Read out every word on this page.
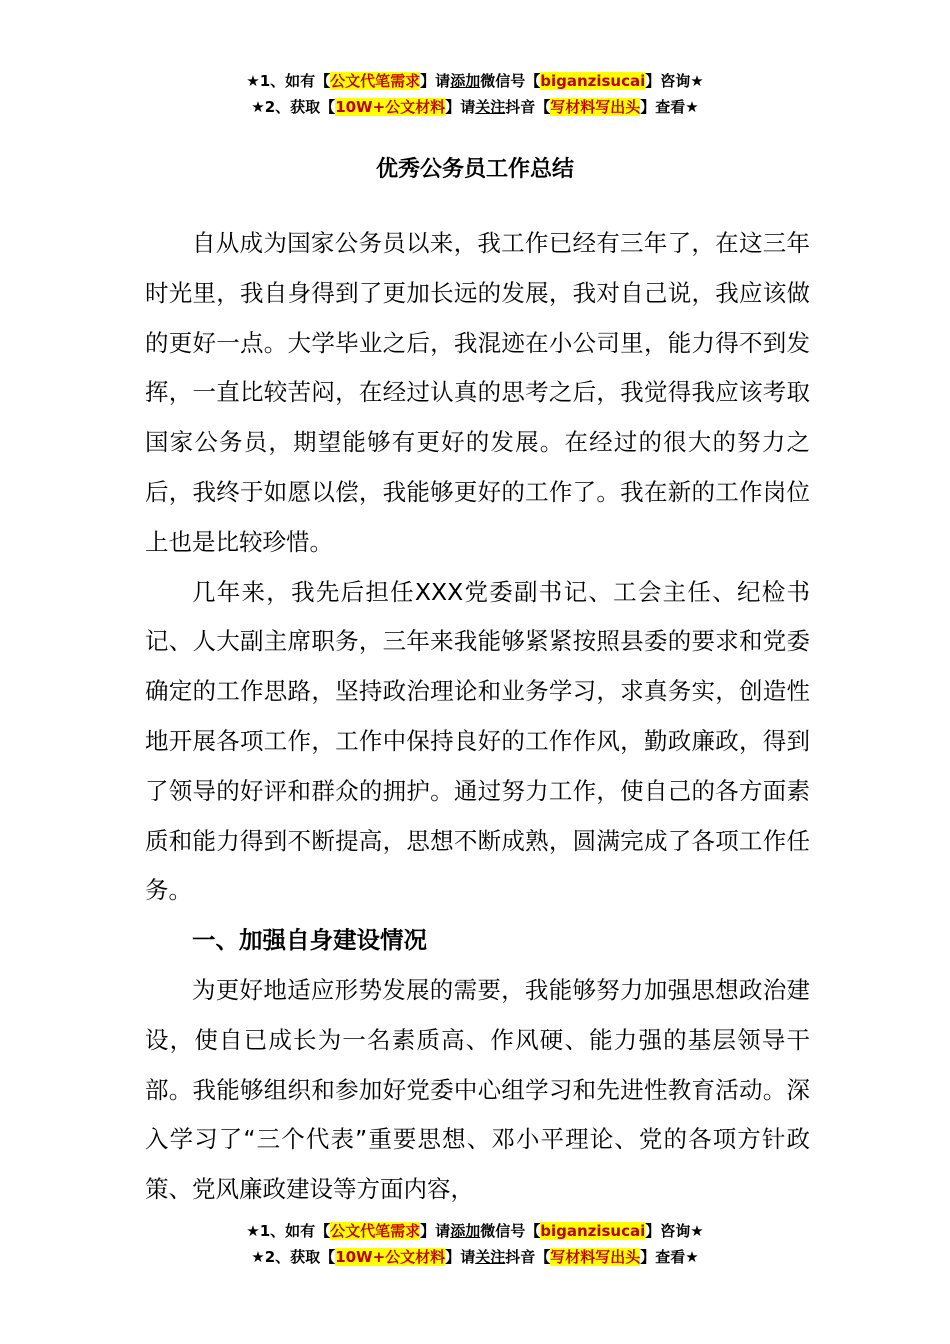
★1、如有【公文代笔需求】请添加微信号【biganzisucai】咨询★
★2、获取【10W+公文材料】请关注抖音【写材料写出头】查看★
优秀公务员工作总结

自从成为国家公务员以来，我工作已经有三年了，在这三年时光里，我自身得到了更加长远的发展，我对自己说，我应该做的更好一点。大学毕业之后，我混迹在小公司里，能力得不到发挥，一直比较苦闷，在经过认真的思考之后，我觉得我应该考取国家公务员，期望能够有更好的发展。在经过的很大的努力之后，我终于如愿以偿，我能够更好的工作了。我在新的工作岗位上也是比较珍惜。

几年来，我先后担任XXX党委副书记、工会主任、纪检书记、人大副主席职务，三年来我能够紧紧按照县委的要求和党委确定的工作思路，坚持政治理论和业务学习，求真务实，创造性地开展各项工作，工作中保持良好的工作作风，勤政廉政，得到了领导的好评和群众的拥护。通过努力工作，使自己的各方面素质和能力得到不断提高，思想不断成熟，圆满完成了各项工作任务。

一、加强自身建设情况

为更好地适应形势发展的需要，我能够努力加强思想政治建设，使自已成长为一名素质高、作风硬、能力强的基层领导干部。我能够组织和参加好党委中心组学习和先进性教育活动。深入学习了“三个代表”重要思想、邓小平理论、党的各项方针政策、党风廉政建设等方面内容，

★1、如有【公文代笔需求】请添加微信号【biganzisucai】咨询★
★2、获取【10W+公文材料】请关注抖音【写材料写出头】查看★
